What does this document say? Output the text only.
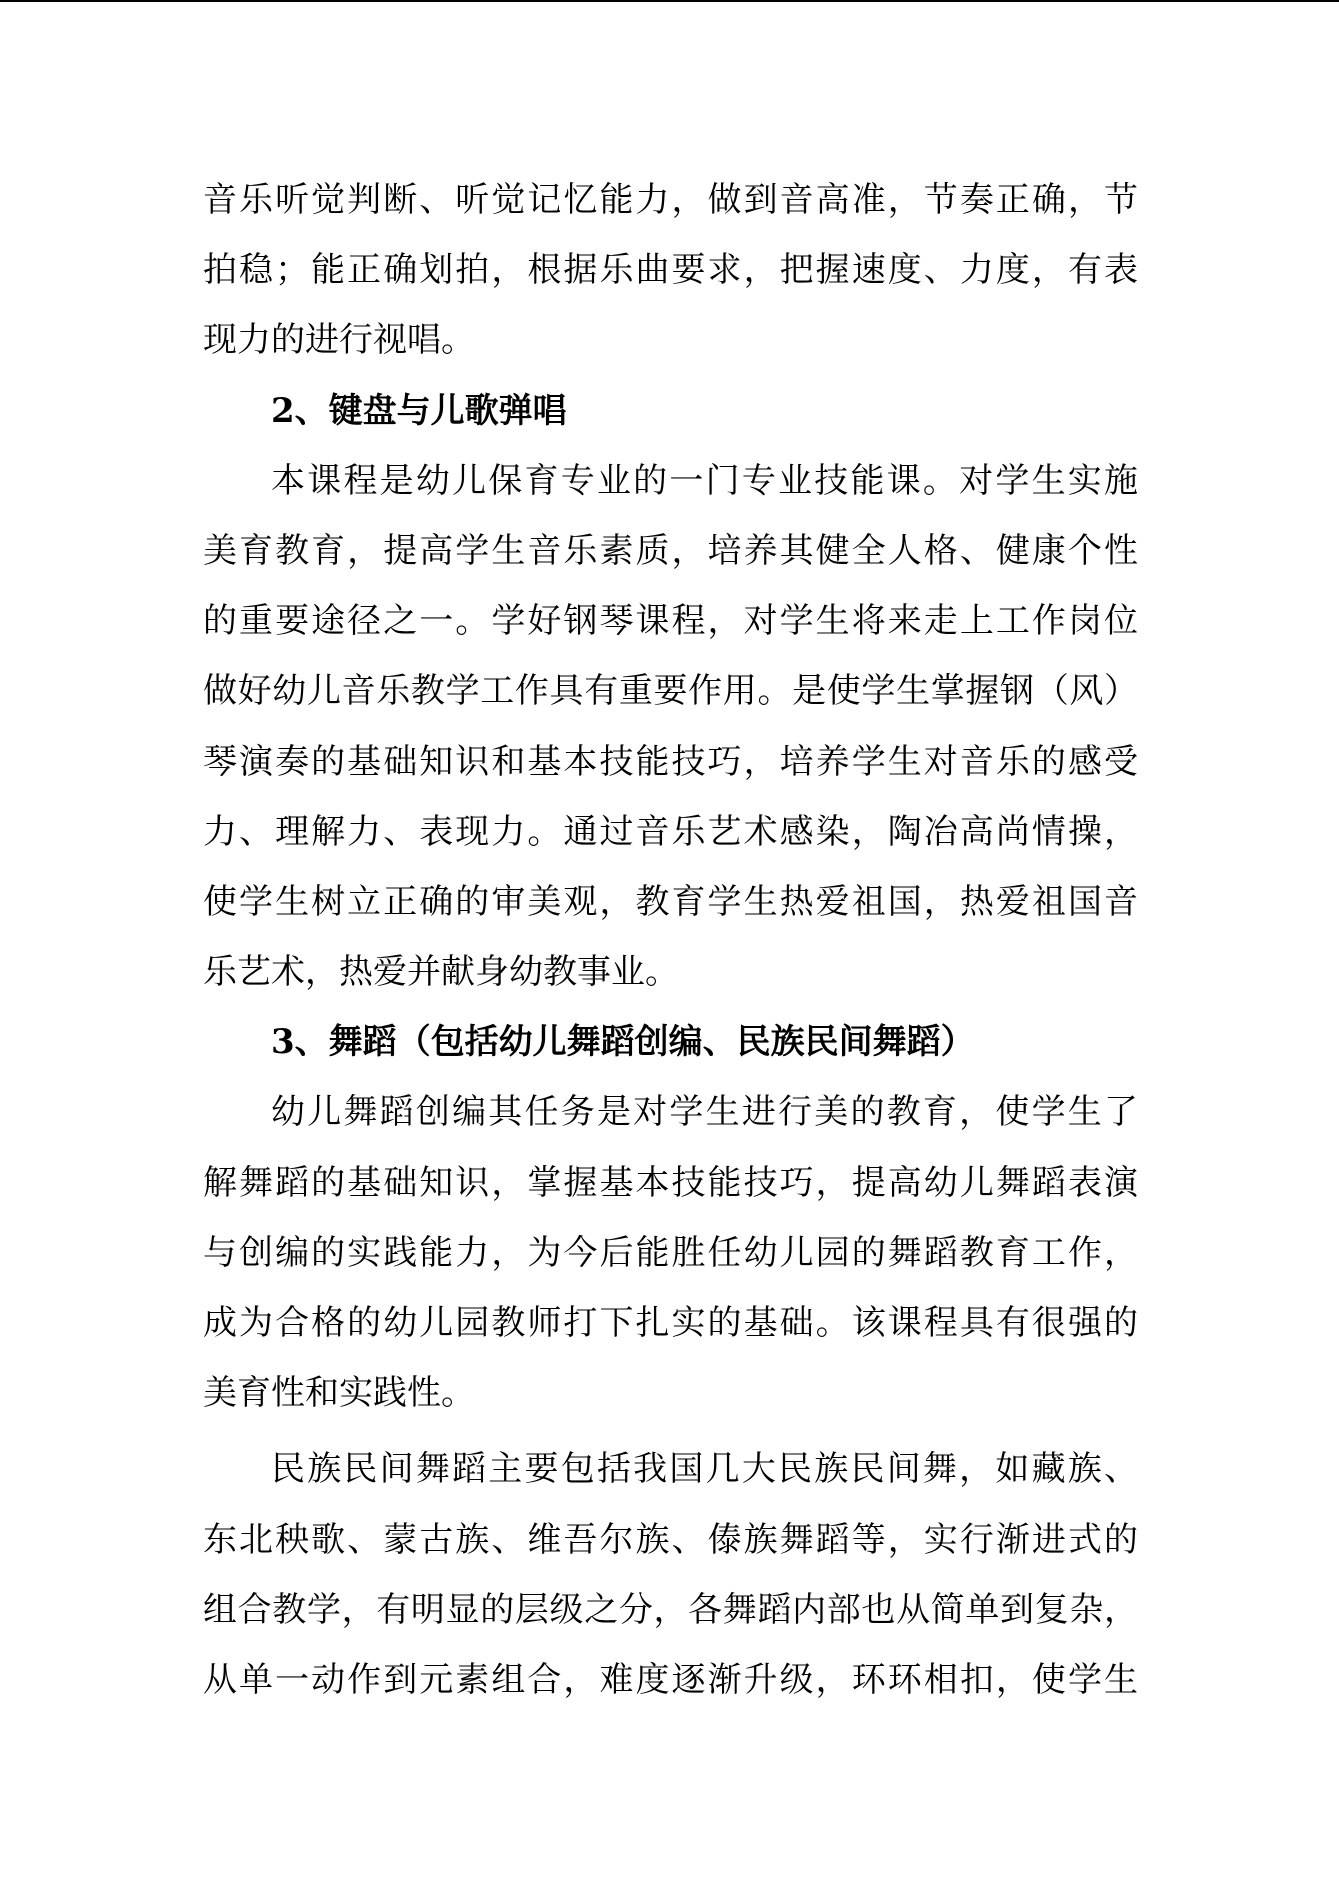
音乐听觉判断、听觉记忆能力，做到音高准，节奏正确，节
拍稳；能正确划拍，根据乐曲要求，把握速度、力度，有表
现力的进行视唱。
2、键盘与儿歌弹唱
本课程是幼儿保育专业的一门专业技能课。对学生实施
美育教育，提高学生音乐素质，培养其健全人格、健康个性
的重要途径之一。学好钢琴课程，对学生将来走上工作岗位
做好幼儿音乐教学工作具有重要作用。是使学生掌握钢（风）
琴演奏的基础知识和基本技能技巧，培养学生对音乐的感受
力、理解力、表现力。通过音乐艺术感染，陶冶高尚情操，
使学生树立正确的审美观，教育学生热爱祖国，热爱祖国音
乐艺术，热爱并献身幼教事业。
3、舞蹈（包括幼儿舞蹈创编、民族民间舞蹈）
幼儿舞蹈创编其任务是对学生进行美的教育，使学生了
解舞蹈的基础知识，掌握基本技能技巧，提高幼儿舞蹈表演
与创编的实践能力，为今后能胜任幼儿园的舞蹈教育工作，
成为合格的幼儿园教师打下扎实的基础。该课程具有很强的
美育性和实践性。
民族民间舞蹈主要包括我国几大民族民间舞，如藏族、
东北秧歌、蒙古族、维吾尔族、傣族舞蹈等，实行渐进式的
组合教学，有明显的层级之分，各舞蹈内部也从简单到复杂，
从单一动作到元素组合，难度逐渐升级，环环相扣，使学生
